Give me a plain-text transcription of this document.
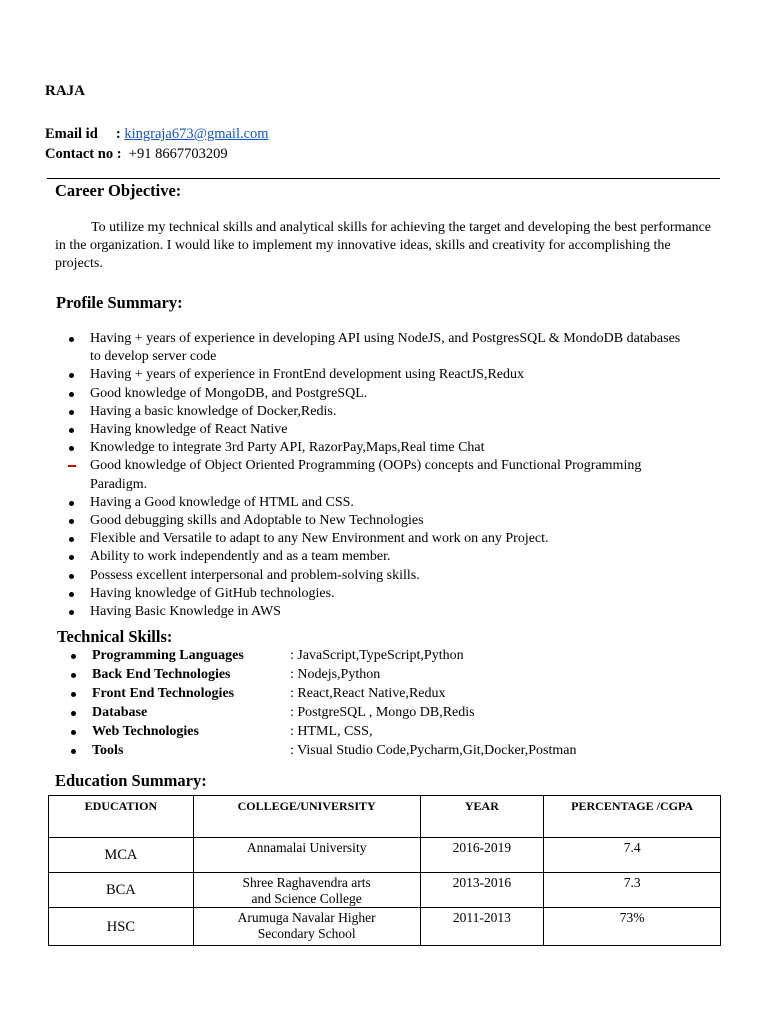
RAJA
Email id     : kingraja673@gmail.com
Contact no : +91 8667703209
Career Objective:
To utilize my technical skills and analytical skills for achieving the target and developing the best performance in the organization. I would like to implement my innovative ideas, skills and creativity for accomplishing the projects.
Profile Summary:
Having + years of experience in developing API using NodeJS, and PostgresSQL & MondoDB databases to develop server code
Having + years of experience in FrontEnd development using ReactJS,Redux
Good knowledge of MongoDB, and PostgreSQL.
Having a basic knowledge of Docker,Redis.
Having knowledge of React Native
Knowledge to integrate 3rd Party API, RazorPay,Maps,Real time Chat
Good knowledge of Object Oriented Programming (OOPs) concepts and Functional Programming Paradigm.
Having a Good knowledge of HTML and CSS.
Good debugging skills and Adoptable to New Technologies
Flexible and Versatile to adapt to any New Environment and work on any Project.
Ability to work independently and as a team member.
Possess excellent interpersonal and problem-solving skills.
Having knowledge of GitHub technologies.
Having Basic Knowledge in AWS
Technical Skills:
Programming Languages	: JavaScript,TypeScript,Python
Back End Technologies	: Nodejs,Python
Front End Technologies	: React,React Native,Redux
Database	: PostgreSQL , Mongo DB,Redis
Web Technologies	: HTML, CSS,
Tools	: Visual Studio Code,Pycharm,Git,Docker,Postman
Education Summary:
EDUCATION	COLLEGE/UNIVERSITY	YEAR	PERCENTAGE /CGPA
MCA	Annamalai University	2016-2019	7.4

BCA	Shree Raghavendra arts
and Science College	2013-2016	7.3

HSC	Arumuga Navalar Higher
Secondary School	2011-2013	73%
